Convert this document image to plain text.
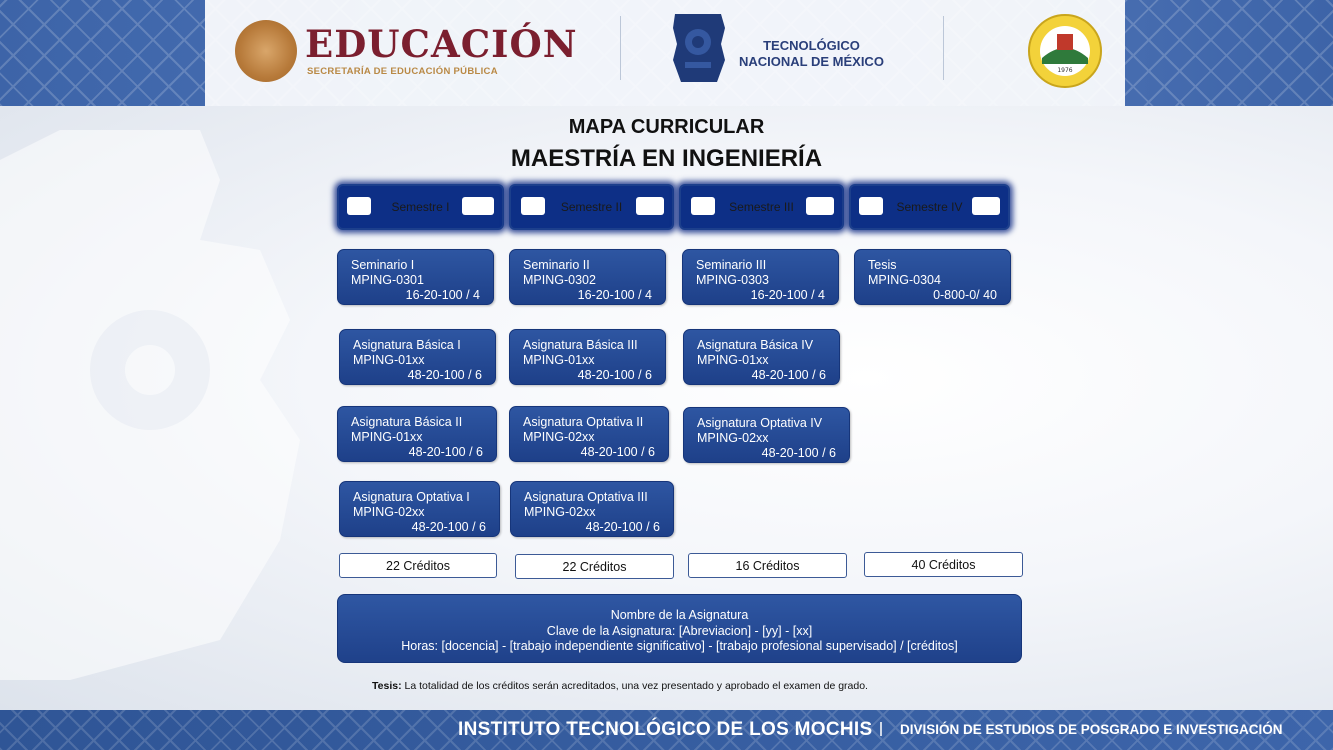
EDUCACIÓN
SECRETARÍA DE EDUCACIÓN PÚBLICA
TECNOLÓGICO
NACIONAL DE MÉXICO
1976
MAPA CURRICULAR
MAESTRÍA EN INGENIERÍA
Semestre I	Semestre II	Semestre III	Semestre IV
Seminario I
MPING-0301
16-20-100 / 4
Seminario II
MPING-0302
16-20-100 / 4
Seminario III
MPING-0303
16-20-100 / 4
Tesis
MPING-0304
0-800-0/ 40
Asignatura Básica I
MPING-01xx
48-20-100 / 6
Asignatura Básica III
MPING-01xx
48-20-100 / 6
Asignatura Básica IV
MPING-01xx
48-20-100 / 6
Asignatura Básica II
MPING-01xx
48-20-100 / 6
Asignatura Optativa II
MPING-02xx
48-20-100 / 6
Asignatura Optativa IV
MPING-02xx
48-20-100 / 6
Asignatura Optativa I
MPING-02xx
48-20-100 / 6
Asignatura Optativa III
MPING-02xx
48-20-100 / 6
22 Créditos	22 Créditos	16 Créditos	40 Créditos
Nombre de la Asignatura
Clave de la Asignatura: [Abreviacion] - [yy] - [xx]
Horas: [docencia] - [trabajo independiente significativo] - [trabajo profesional supervisado] / [créditos]
Tesis: La totalidad de los créditos serán acreditados, una vez presentado y aprobado el examen de grado.
INSTITUTO TECNOLÓGICO DE LOS MOCHIS DIVISIÓN DE ESTUDIOS DE POSGRADO E INVESTIGACIÓN
